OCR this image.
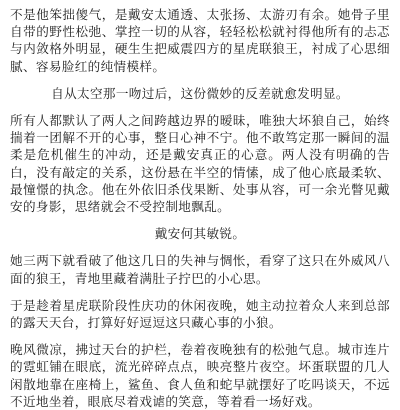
不是他笨拙傻气，是戴安太通透、太张扬、太游刃有余。她骨子里自带的野性松弛、掌控一切的从容，轻轻松松就衬得他所有的忐忑与内敛格外明显，硬生生把威震四方的星虎联狼王，衬成了心思细腻、容易脸红的纯情模样。

自从太空那一吻过后，这份微妙的反差就愈发明显。

所有人都默认了两人之间跨越边界的暧昧，唯独大坏狼自己，始终揣着一团解不开的心事，整日心神不宁。他不敢笃定那一瞬间的温柔是危机催生的冲动，还是戴安真正的心意。两人没有明确的告白，没有敲定的关系，这份悬在半空的情愫，成了他心底最柔软、最憧憬的执念。他在外依旧杀伐果断、处事从容，可一余光瞥见戴安的身影，思绪就会不受控制地飘乱。

戴安何其敏锐。

她三两下就看破了他这几日的失神与惆怅，看穿了这只在外威风八面的狼王，青地里藏着满肚子拧巴的小心思。

于是趁着星虎联阶段性庆功的休闲夜晚，她主动拉着众人来到总部的露天天台，打算好好逗逗这只藏心事的小狼。

晚风微凉，拂过天台的护栏，卷着夜晚独有的松弛气息。城市连片的霓虹铺在眼底，流光碎碎点点，映亮整片夜空。坏蛋联盟的几人闲散地靠在座椅上，鲨鱼、食人鱼和蛇早就摆好了吃吗谈天，不远不近地坐着，眼底尽着戏谑的笑意，等着看一场好戏。
